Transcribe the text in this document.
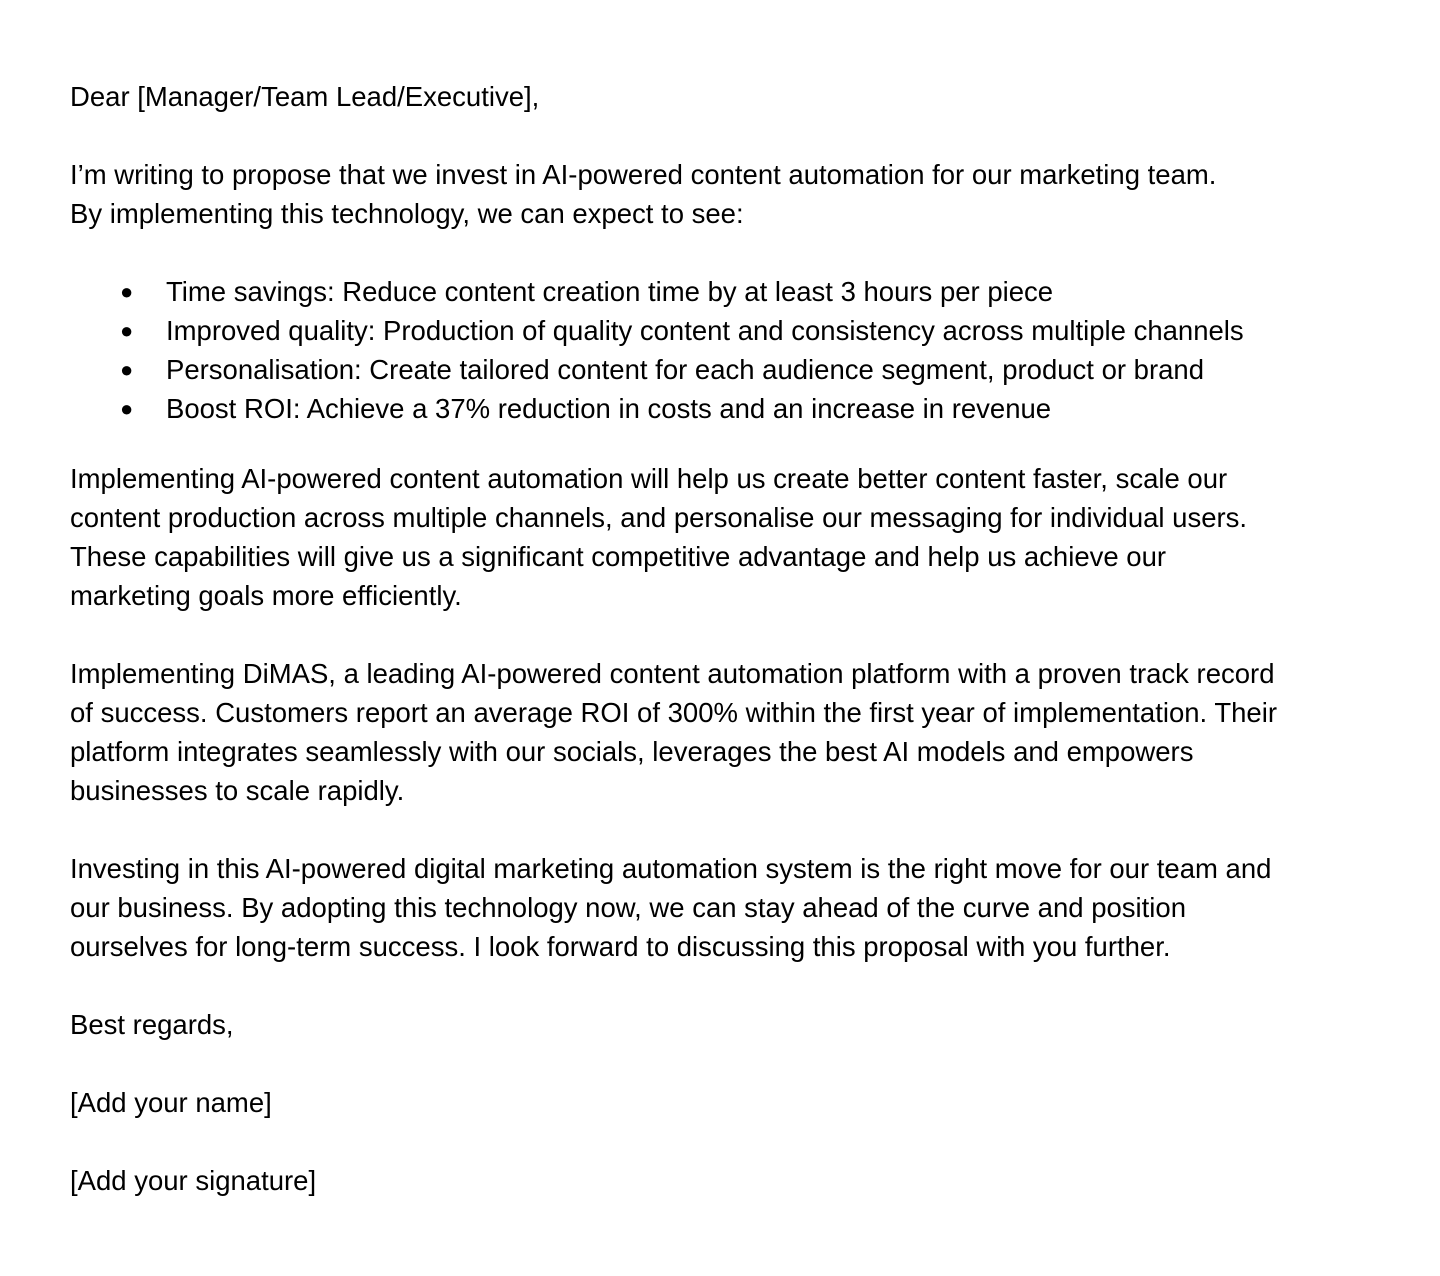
Dear [Manager/Team Lead/Executive],

I’m writing to propose that we invest in AI-powered content automation for our marketing team.

By implementing this technology, we can expect to see:

● Time savings: Reduce content creation time by at least 3 hours per piece
● Improved quality: Production of quality content and consistency across multiple channels
● Personalisation: Create tailored content for each audience segment, product or brand
● Boost ROI: Achieve a 37% reduction in costs and an increase in revenue

Implementing AI-powered content automation will help us create better content faster, scale our

content production across multiple channels, and personalise our messaging for individual users.

These capabilities will give us a significant competitive advantage and help us achieve our

marketing goals more efficiently.

Implementing DiMAS, a leading AI-powered content automation platform with a proven track record

of success. Customers report an average ROI of 300% within the first year of implementation. Their

platform integrates seamlessly with our socials, leverages the best AI models and empowers

businesses to scale rapidly.

Investing in this AI-powered digital marketing automation system is the right move for our team and

our business. By adopting this technology now, we can stay ahead of the curve and position

ourselves for long-term success. I look forward to discussing this proposal with you further.

Best regards,

[Add your name]

[Add your signature]
